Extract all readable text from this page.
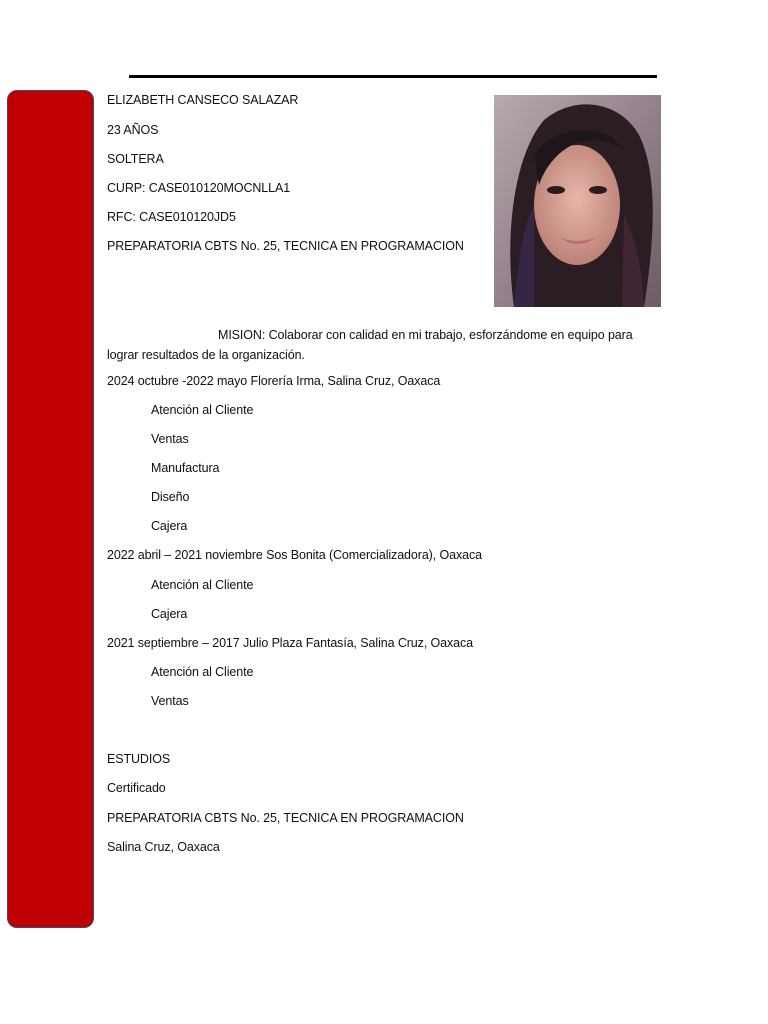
ELIZABETH CANSECO SALAZAR
23 AÑOS
SOLTERA
CURP: CASE010120MOCNLLA1
RFC: CASE010120JD5
PREPARATORIA CBTS No. 25, TECNICA EN PROGRAMACION
MISION: Colaborar con calidad en mi trabajo, esforzándome en equipo para lograr resultados de la organización.
2024 octubre -2022 mayo Florería Irma, Salina Cruz, Oaxaca
Atención al Cliente
Ventas
Manufactura
Diseño
Cajera
2022 abril – 2021 noviembre Sos Bonita (Comercializadora), Oaxaca
Atención al Cliente
Cajera
2021 septiembre – 2017 Julio Plaza Fantasía, Salina Cruz, Oaxaca
Atención al Cliente
Ventas
ESTUDIOS
Certificado
PREPARATORIA CBTS No. 25, TECNICA EN PROGRAMACION
Salina Cruz, Oaxaca
